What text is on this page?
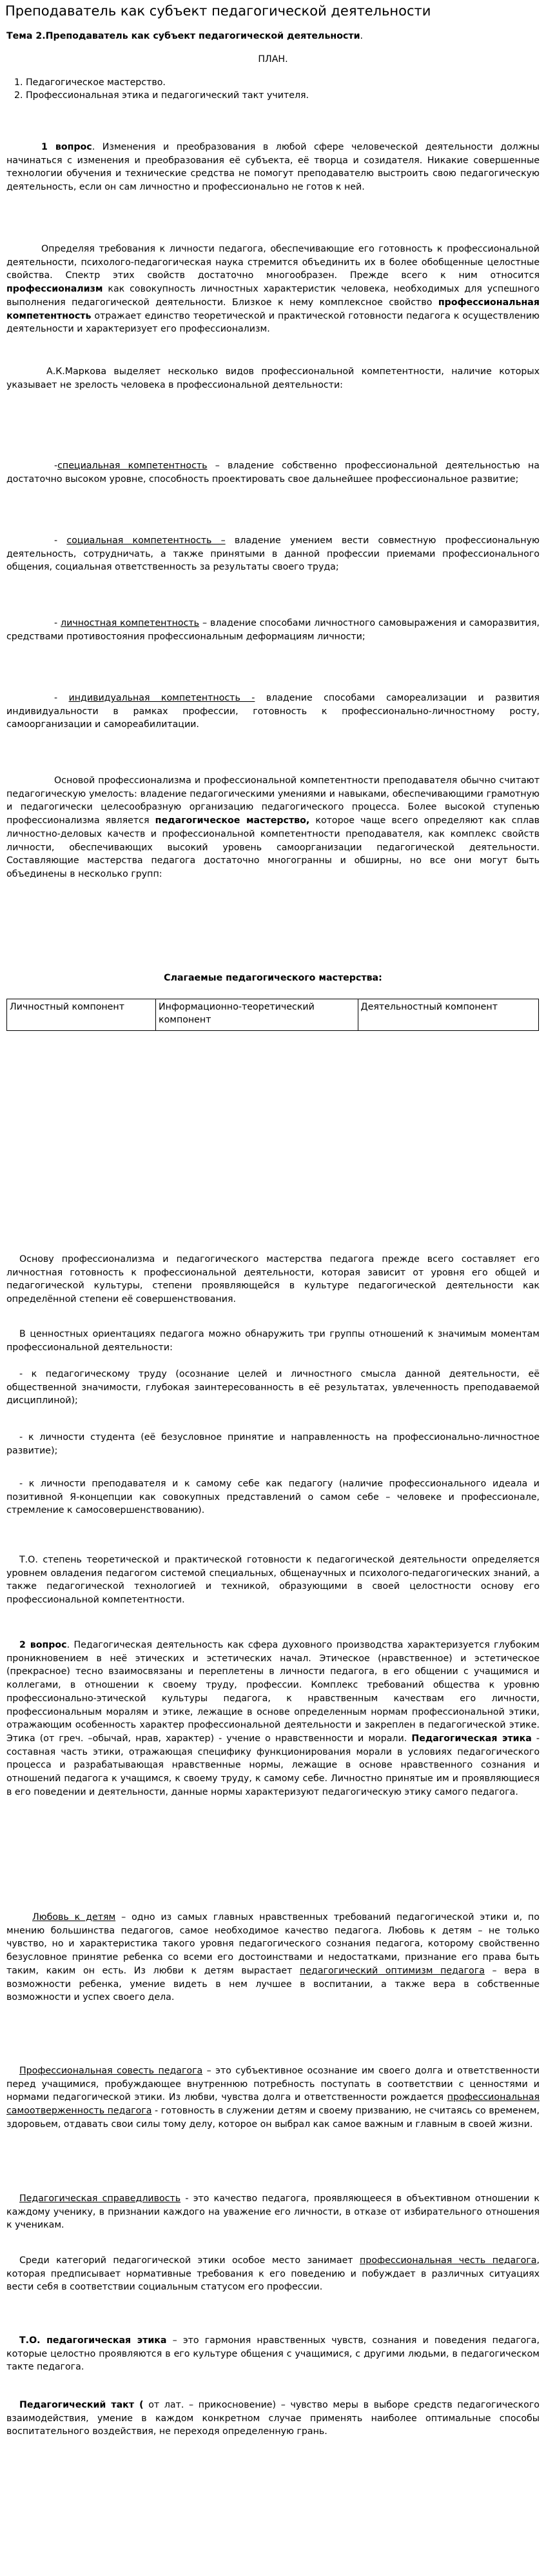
Преподаватель как субъект педагогической деятельности

Тема 2.Преподаватель как субъект педагогической деятельности.

ПЛАН.

1. Педагогическое мастерство.
2. Профессиональная этика и педагогический такт учителя.

1 вопрос. Изменения и преобразования в любой сфере человеческой деятельности должны начинаться с изменения и преобразования её субъекта, её творца и созидателя. Никакие совершенные технологии обучения и технические средства не помогут преподавателю выстроить свою педагогическую деятельность, если он сам личностно и профессионально не готов к ней.

Определяя требования к личности педагога, обеспечивающие его готовность к профессиональной деятельности, психолого-педагогическая наука стремится объединить их в более обобщенные целостные свойства. Спектр этих свойств достаточно многообразен. Прежде всего к ним относится профессионализм как совокупность личностных характеристик человека, необходимых для успешного выполнения педагогической деятельности. Близкое к нему комплексное свойство профессиональная компетентность отражает единство теоретической и практической готовности педагога к осуществлению деятельности и характеризует его профессионализм.

А.К.Маркова выделяет несколько видов профессиональной компетентности, наличие которых указывает не зрелость человека в профессиональной деятельности:

-специальная компетентность – владение собственно профессиональной деятельностью на достаточно высоком уровне, способность проектировать свое дальнейшее профессиональное развитие;

- социальная компетентность – владение умением вести совместную профессиональную деятельность, сотрудничать, а также принятыми в данной профессии приемами профессионального общения, социальная ответственность за результаты своего труда;

- личностная компетентность – владение способами личностного самовыражения и саморазвития, средствами противостояния профессиональным деформациям личности;

- индивидуальная компетентность - владение способами самореализации и развития индивидуальности в рамках профессии, готовность к профессионально-личностному росту, самоорганизации и самореабилитации.

Основой профессионализма и профессиональной компетентности преподавателя обычно считают педагогическую умелость: владение педагогическими умениями и навыками, обеспечивающими грамотную и педагогически целесообразную организацию педагогического процесса. Более высокой ступенью профессионализма является педагогическое мастерство, которое чаще всего определяют как сплав личностно-деловых качеств и профессиональной компетентности преподавателя, как комплекс свойств личности, обеспечивающих высокий уровень самоорганизации педагогической деятельности. Составляющие мастерства педагога достаточно многогранны и обширны, но все они могут быть объединены в несколько групп:

Слагаемые педагогического мастерства:

Личностный компонент	Информационно-теоретический компонент	Деятельностный компонент

Основу профессионализма и педагогического мастерства педагога прежде всего составляет его личностная готовность к профессиональной деятельности, которая зависит от уровня его общей и педагогической культуры, степени проявляющейся в культуре педагогической деятельности как определённой степени её совершенствования.

В ценностных ориентациях педагога можно обнаружить три группы отношений к значимым моментам профессиональной деятельности:

- к педагогическому труду (осознание целей и личностного смысла данной деятельности, её общественной значимости, глубокая заинтересованность в её результатах, увлеченность преподаваемой дисциплиной);

- к личности студента (её безусловное принятие и направленность на профессионально-личностное развитие);

- к личности преподавателя и к самому себе как педагогу (наличие профессионального идеала и позитивной Я-концепции как совокупных представлений о самом себе – человеке и профессионале, стремление к самосовершенствованию).

Т.О. степень теоретической и практической готовности к педагогической деятельности определяется уровнем овладения педагогом системой специальных, общенаучных и психолого-педагогических знаний, а также педагогической технологией и техникой, образующими в своей целостности основу его профессиональной компетентности.

2 вопрос. Педагогическая деятельность как сфера духовного производства характеризуется глубоким проникновением в неё этических и эстетических начал. Этическое (нравственное) и эстетическое (прекрасное) тесно взаимосвязаны и переплетены в личности педагога, в его общении с учащимися и коллегами, в отношении к своему труду, профессии. Комплекс требований общества к уровню профессионально-этической культуры педагога, к нравственным качествам его личности, профессиональным моралям и этике, лежащие в основе определенным нормам профессиональной этики, отражающим особенность характер профессиональной деятельности и закреплен в педагогической этике. Этика (от греч. –обычай, нрав, характер) - учение о нравственности и морали. Педагогическая этика - составная часть этики, отражающая специфику функционирования морали в условиях педагогического процесса и разрабатывающая нравственные нормы, лежащие в основе нравственного сознания и отношений педагога к учащимся, к своему труду, к самому себе. Личностно принятые им и проявляющиеся в его поведении и деятельности, данные нормы характеризуют педагогическую этику самого педагога.

Любовь к детям – одно из самых главных нравственных требований педагогической этики и, по мнению большинства педагогов, самое необходимое качество педагога. Любовь к детям – не только чувство, но и характеристика такого уровня педагогического сознания педагога, которому свойственно безусловное принятие ребенка со всеми его достоинствами и недостатками, признание его права быть таким, каким он есть. Из любви к детям вырастает педагогический оптимизм педагога – вера в возможности ребенка, умение видеть в нем лучшее в воспитании, а также вера в собственные возможности и успех своего дела.

Профессиональная совесть педагога – это субъективное осознание им своего долга и ответственности перед учащимися, пробуждающее внутреннюю потребность поступать в соответствии с ценностями и нормами педагогической этики. Из любви, чувства долга и ответственности рождается профессиональная самоотверженность педагога - готовность в служении детям и своему призванию, не считаясь со временем, здоровьем, отдавать свои силы тому делу, которое он выбрал как самое важным и главным в своей жизни.

Педагогическая справедливость - это качество педагога, проявляющееся в объективном отношении к каждому ученику, в признании каждого на уважение его личности, в отказе от избирательного отношения к ученикам.

Среди категорий педагогической этики особое место занимает профессиональная честь педагога, которая предписывает нормативные требования к его поведению и побуждает в различных ситуациях вести себя в соответствии социальным статусом его профессии.

Т.О. педагогическая этика – это гармония нравственных чувств, сознания и поведения педагога, которые целостно проявляются в его культуре общения с учащимися, с другими людьми, в педагогическом такте педагога.

Педагогический такт ( от лат. – прикосновение) – чувство меры в выборе средств педагогического взаимодействия, умение в каждом конкретном случае применять наиболее оптимальные способы воспитательного воздействия, не переходя определенную грань.
